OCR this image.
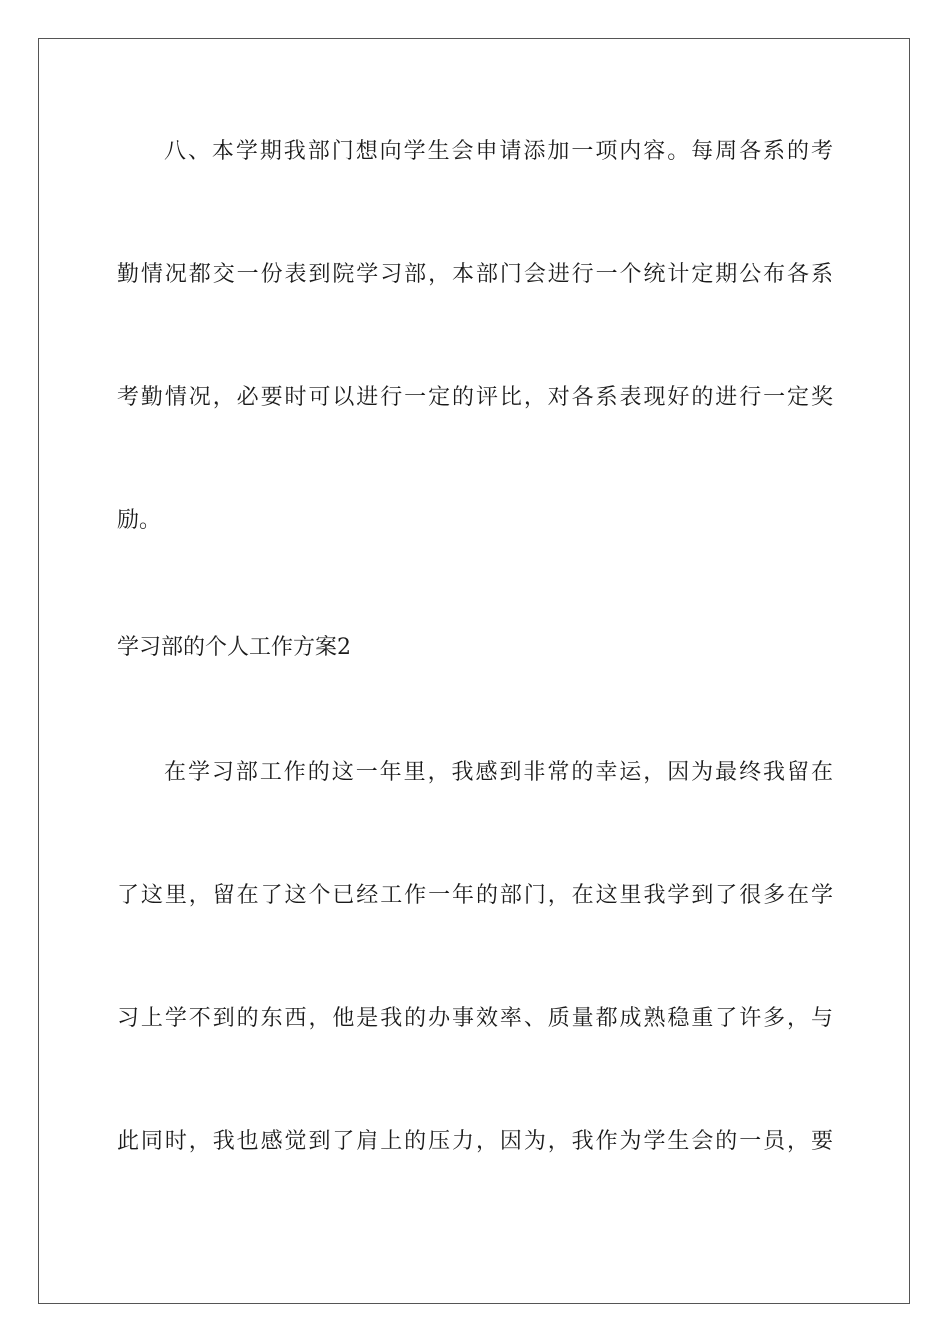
八、本学期我部门想向学生会申请添加一项内容。每周各系的考
勤情况都交一份表到院学习部，本部门会进行一个统计定期公布各系
考勤情况，必要时可以进行一定的评比，对各系表现好的进行一定奖
励。
学习部的个人工作方案2
在学习部工作的这一年里，我感到非常的幸运，因为最终我留在
了这里，留在了这个已经工作一年的部门，在这里我学到了很多在学
习上学不到的东西，他是我的办事效率、质量都成熟稳重了许多，与
此同时，我也感觉到了肩上的压力，因为，我作为学生会的一员，要
